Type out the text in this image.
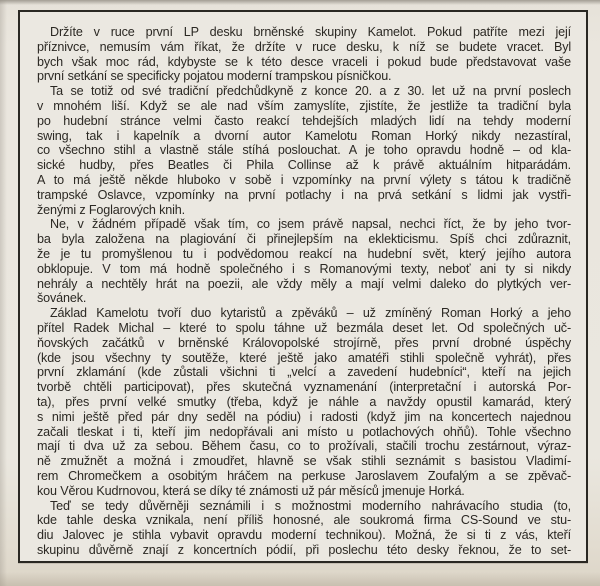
Držíte v ruce první LP desku brněnské skupiny Kamelot. Pokud patříte mezi její
příznivce, nemusím vám říkat, že držíte v ruce desku, k níž se budete vracet. Byl
bych však moc rád, kdybyste se k této desce vraceli i pokud bude představovat vaše
první setkání se specificky pojatou moderní trampskou písničkou.

Ta se totiž od své tradiční předchůdkyně z konce 20. a z 30. let už na první poslech
v mnohém liší. Když se ale nad vším zamyslíte, zjistíte, že jestliže ta tradiční byla
po hudební stránce velmi často reakcí tehdejších mladých lidí na tehdy moderní
swing, tak i kapelník a dvorní autor Kamelotu Roman Horký nikdy nezastíral,
co všechno stihl a vlastně stále stíhá poslouchat. A je toho opravdu hodně – od kla-
sické hudby, přes Beatles či Phila Collinse až k právě aktuálním hitparádám.
A to má ještě někde hluboko v sobě i vzpomínky na první výlety s tátou k tradičně
trampské Oslavce, vzpomínky na první potlachy i na prvá setkání s lidmi jak vystři-
ženými z Foglarových knih.

Ne, v žádném případě však tím, co jsem právě napsal, nechci říct, že by jeho tvor-
ba byla založena na plagiování či přinejlepším na eklekticismu. Spíš chci zdůraznit,
že je tu promyšlenou tu i podvědomou reakcí na hudební svět, který jejího autora
obklopuje. V tom má hodně společného i s Romanovými texty, neboť ani ty si nikdy
nehrály a nechtěly hrát na poezii, ale vždy měly a mají velmi daleko do plytkých ver-
šovánek.

Základ Kamelotu tvoří duo kytaristů a zpěváků – už zmíněný Roman Horký a jeho
přítel Radek Michal – které to spolu táhne už bezmála deset let. Od společných uč-
ňovských začátků v brněnské Královopolské strojírně, přes první drobné úspěchy
(kde jsou všechny ty soutěže, které ještě jako amatéři stihli společně vyhrát), přes
první zklamání (kde zůstali všichni ti „velcí a zavedení hudebníci“, kteří na jejich
tvorbě chtěli participovat), přes skutečná vyznamenání (interpretační i autorská Por-
ta), přes první velké smutky (třeba, když je náhle a navždy opustil kamarád, který
s nimi ještě před pár dny seděl na pódiu) i radosti (když jim na koncertech najednou
začali tleskat i ti, kteří jim nedopřávali ani místo u potlachových ohňů). Tohle všechno
mají ti dva už za sebou. Během času, co to prožívali, stačili trochu zestárnout, výraz-
ně zmužnět a možná i zmoudřet, hlavně se však stihli seznámit s basistou Vladimí-
rem Chromečkem a osobitým hráčem na perkuse Jaroslavem Zoufalým a se zpěvač-
kou Věrou Kudrnovou, která se díky té známosti už pár měsíců jmenuje Horká.

Teď se tedy důvěrněji seznámili i s možnostmi moderního nahrávacího studia (to,
kde tahle deska vznikala, není příliš honosné, ale soukromá firma CS-Sound ve stu-
diu Jalovec je stihla vybavit opravdu moderní technikou). Možná, že si ti z vás, kteří
skupinu důvěrně znají z koncertních pódií, při poslechu této desky řeknou, že to set-
